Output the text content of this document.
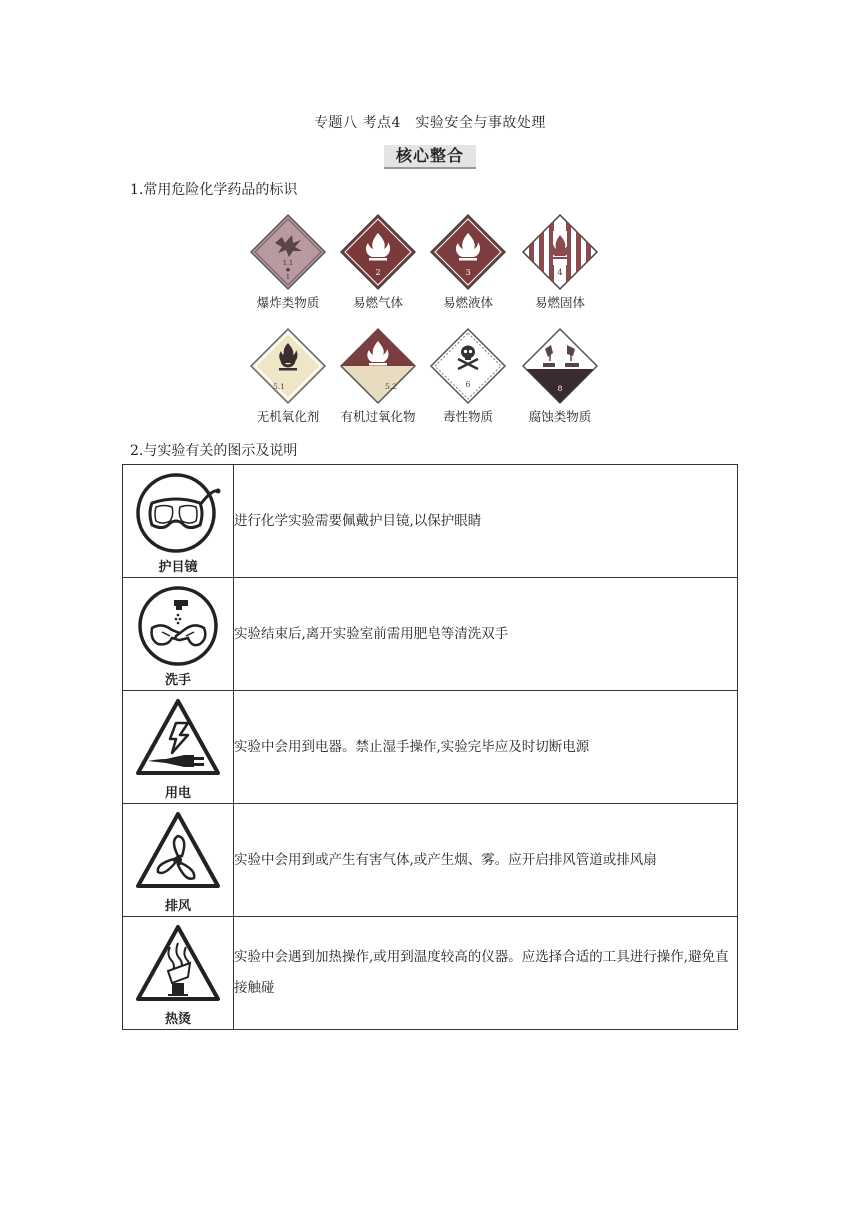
专题八 考点4　实验安全与事故处理
核心整合
1.常用危险化学药品的标识
1.1
★
1
爆炸类物质
2
易燃气体
3
易燃液体
4
易燃固体
5.1
无机氧化剂
5.2
有机过氧化物
6
毒性物质
8
腐蚀类物质
2.与实验有关的图示及说明
护目镜	进行化学实验需要佩戴护目镜,以保护眼睛

洗手	实验结束后,离开实验室前需用肥皂等清洗双手

用电	实验中会用到电器。禁止湿手操作,实验完毕应及时切断电源

排风	实验中会用到或产生有害气体,或产生烟、雾。应开启排风管道或排风扇

热烫	实验中会遇到加热操作,或用到温度较高的仪器。应选择合适的工具进行操作,避免直接触碰
